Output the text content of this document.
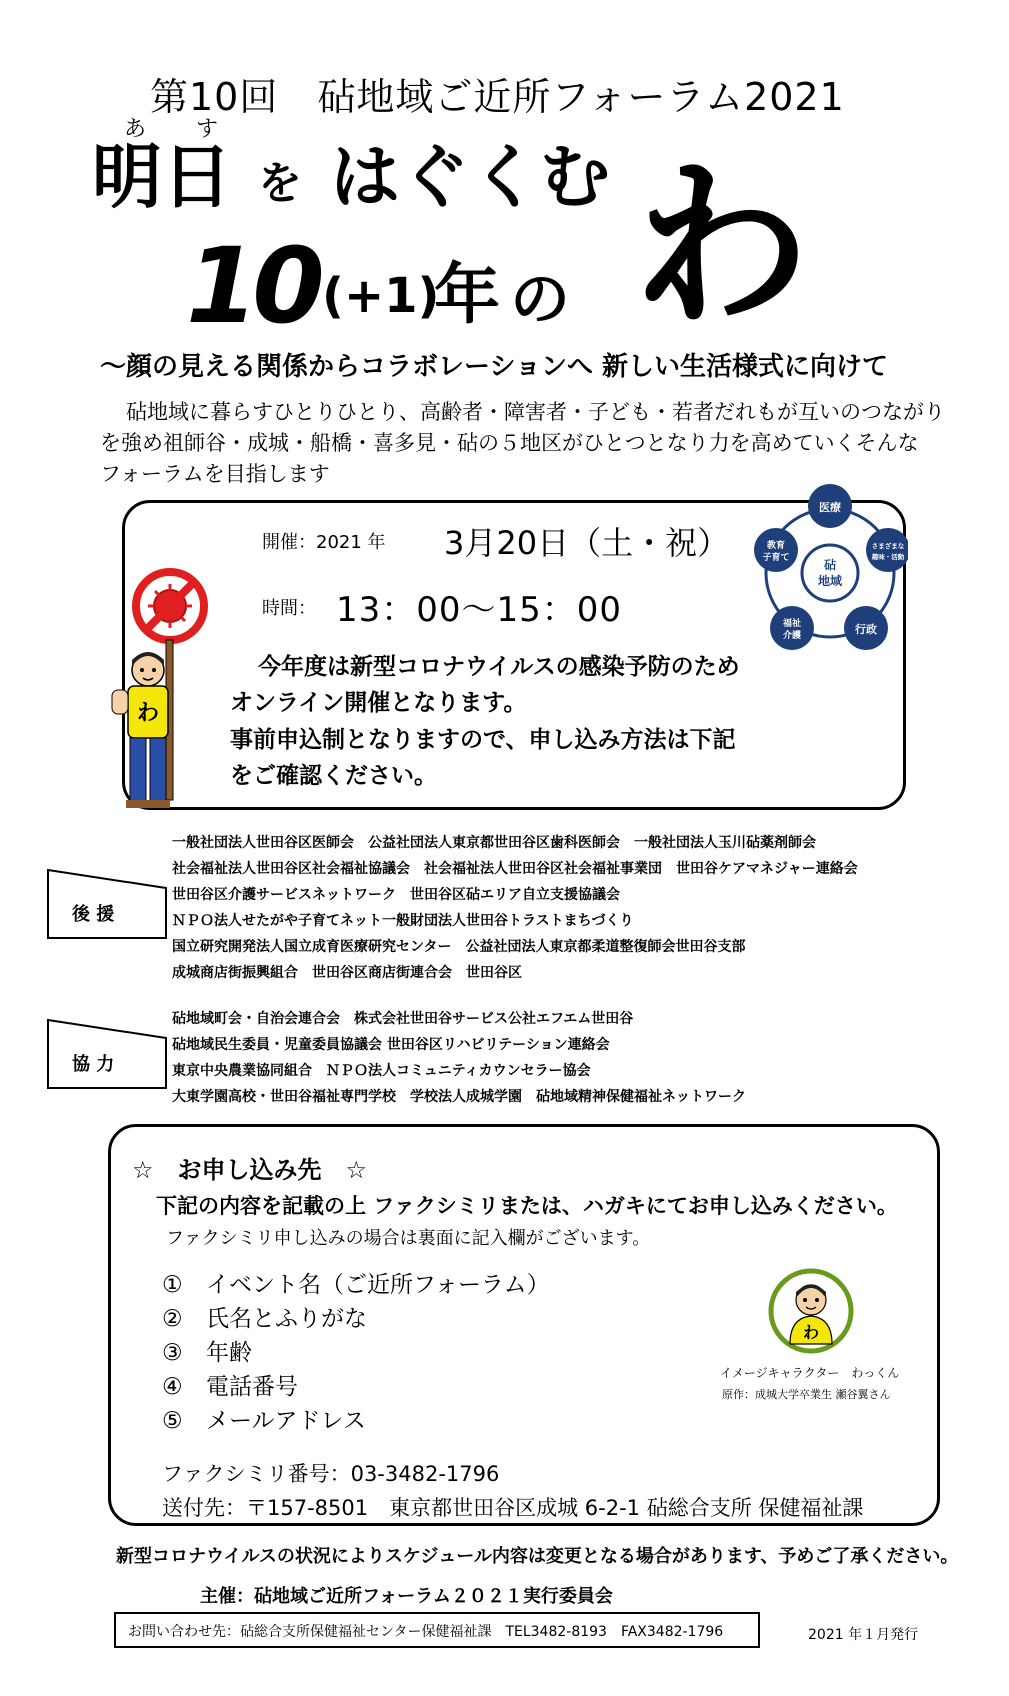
第10回　砧地域ご近所フォーラム2021
あ す
明日 を はぐくむ
10 (+1)
年 の わ
～顔の見える関係からコラボレーションへ 新しい生活様式に向けて
砧地域に暮らすひとりひとり、高齢者・障害者・子ども・若者だれもが互いのつながり
を強め祖師谷・成城・船橋・喜多見・砧の５地区がひとつとなり力を高めていくそんな
フォーラムを目指します
開催：2021 年 3月20日（土・祝）
時間： 13：00～15：00
今年度は新型コロナウイルスの感染予防のため
オンライン開催となります。
事前申込制となりますので、申し込み方法は下記
をご確認ください。
わ
砧
地域
医療
さまざまな
趣味・活動
行政
福祉
介護
教育
子育て
後 援
一般社団法人世田谷区医師会　公益社団法人東京都世田谷区歯科医師会　一般社団法人玉川砧薬剤師会
社会福祉法人世田谷区社会福祉協議会　社会福祉法人世田谷区社会福祉事業団　世田谷ケアマネジャー連絡会
世田谷区介護サービスネットワーク　世田谷区砧エリア自立支援協議会
ＮＰＯ法人せたがや子育てネット一般財団法人世田谷トラストまちづくり
国立研究開発法人国立成育医療研究センター　公益社団法人東京都柔道整復師会世田谷支部
成城商店街振興組合　世田谷区商店街連合会　世田谷区
協 力
砧地域町会・自治会連合会　株式会社世田谷サービス公社エフエム世田谷
砧地域民生委員・児童委員協議会 世田谷区リハビリテーション連絡会
東京中央農業協同組合　ＮＰＯ法人コミュニティカウンセラー協会
大東学園高校・世田谷福祉専門学校　学校法人成城学園　砧地域精神保健福祉ネットワーク
☆　お申し込み先　☆
下記の内容を記載の上 ファクシミリまたは、ハガキにてお申し込みください。
ファクシミリ申し込みの場合は裏面に記入欄がございます。
① イベント名（ご近所フォーラム）
② 氏名とふりがな
③ 年齢
④ 電話番号
⑤ メールアドレス
ファクシミリ番号：03-3482-1796
送付先：〒157-8501　東京都世田谷区成城 6-2-1 砧総合支所 保健福祉課
わ
イメージキャラクター　わっくん
原作：成城大学卒業生 瀬谷翼さん
新型コロナウイルスの状況によりスケジュール内容は変更となる場合があります、予めご了承ください。
主催：砧地域ご近所フォーラム２０２１実行委員会
お問い合わせ先：砧総合支所保健福祉センター保健福祉課　TEL3482-8193　FAX3482-1796	2021 年１月発行
